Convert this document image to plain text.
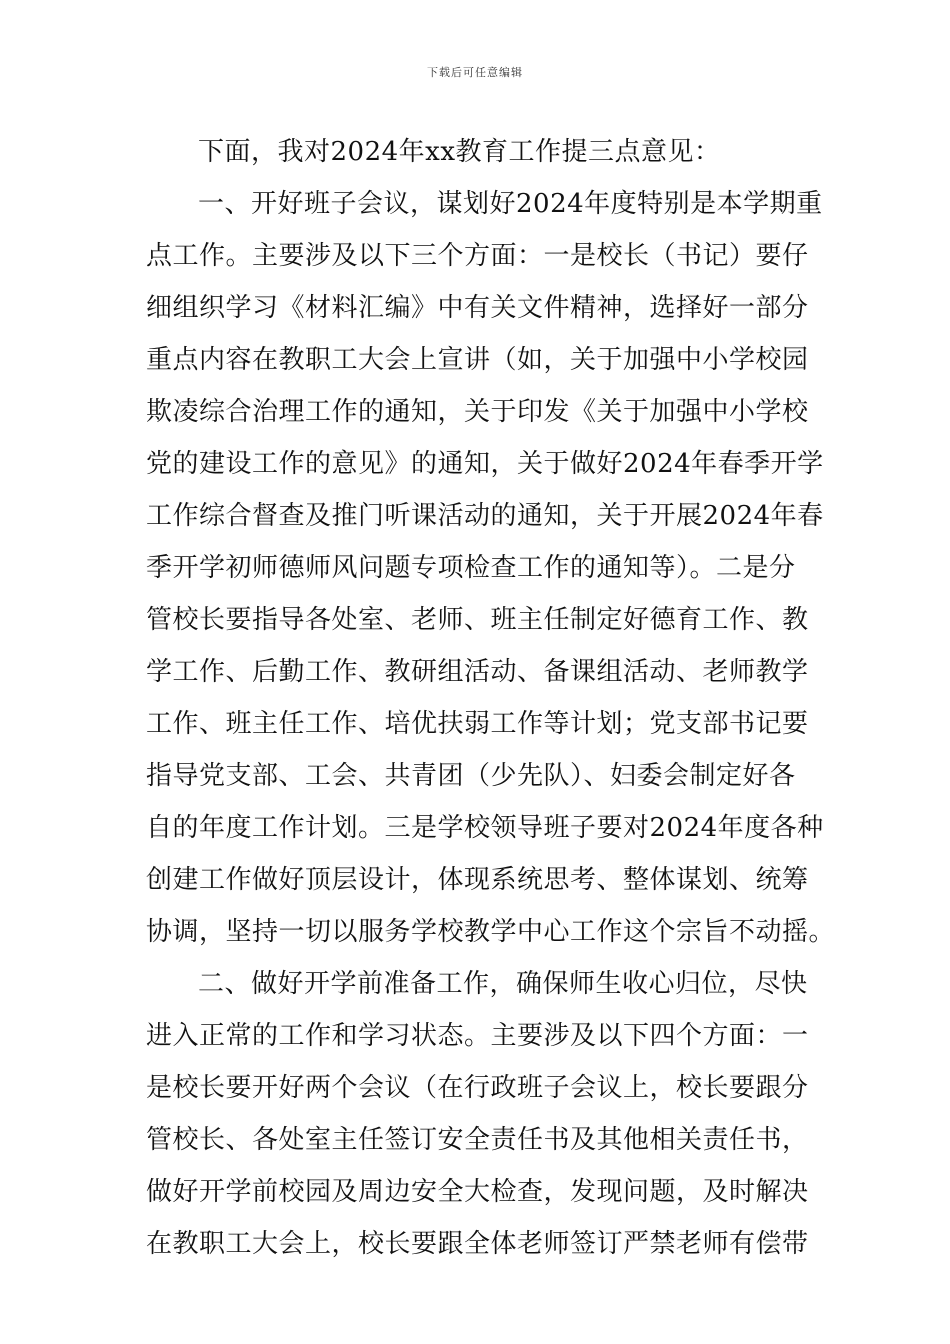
下载后可任意编辑
下面，我对2024年xx教育工作提三点意见：
一、开好班子会议，谋划好2024年度特别是本学期重
点工作。主要涉及以下三个方面：一是校长（书记）要仔
细组织学习《材料汇编》中有关文件精神，选择好一部分
重点内容在教职工大会上宣讲（如，关于加强中小学校园
欺凌综合治理工作的通知，关于印发《关于加强中小学校
党的建设工作的意见》的通知，关于做好2024年春季开学
工作综合督查及推门听课活动的通知，关于开展2024年春
季开学初师德师风问题专项检查工作的通知等）。二是分
管校长要指导各处室、老师、班主任制定好德育工作、教
学工作、后勤工作、教研组活动、备课组活动、老师教学
工作、班主任工作、培优扶弱工作等计划；党支部书记要
指导党支部、工会、共青团（少先队）、妇委会制定好各
自的年度工作计划。三是学校领导班子要对2024年度各种
创建工作做好顶层设计，体现系统思考、整体谋划、统筹
协调，坚持一切以服务学校教学中心工作这个宗旨不动摇。
二、做好开学前准备工作，确保师生收心归位，尽快
进入正常的工作和学习状态。主要涉及以下四个方面：一
是校长要开好两个会议（在行政班子会议上，校长要跟分
管校长、各处室主任签订安全责任书及其他相关责任书，
做好开学前校园及周边安全大检查，发现问题，及时解决
在教职工大会上，校长要跟全体老师签订严禁老师有偿带
